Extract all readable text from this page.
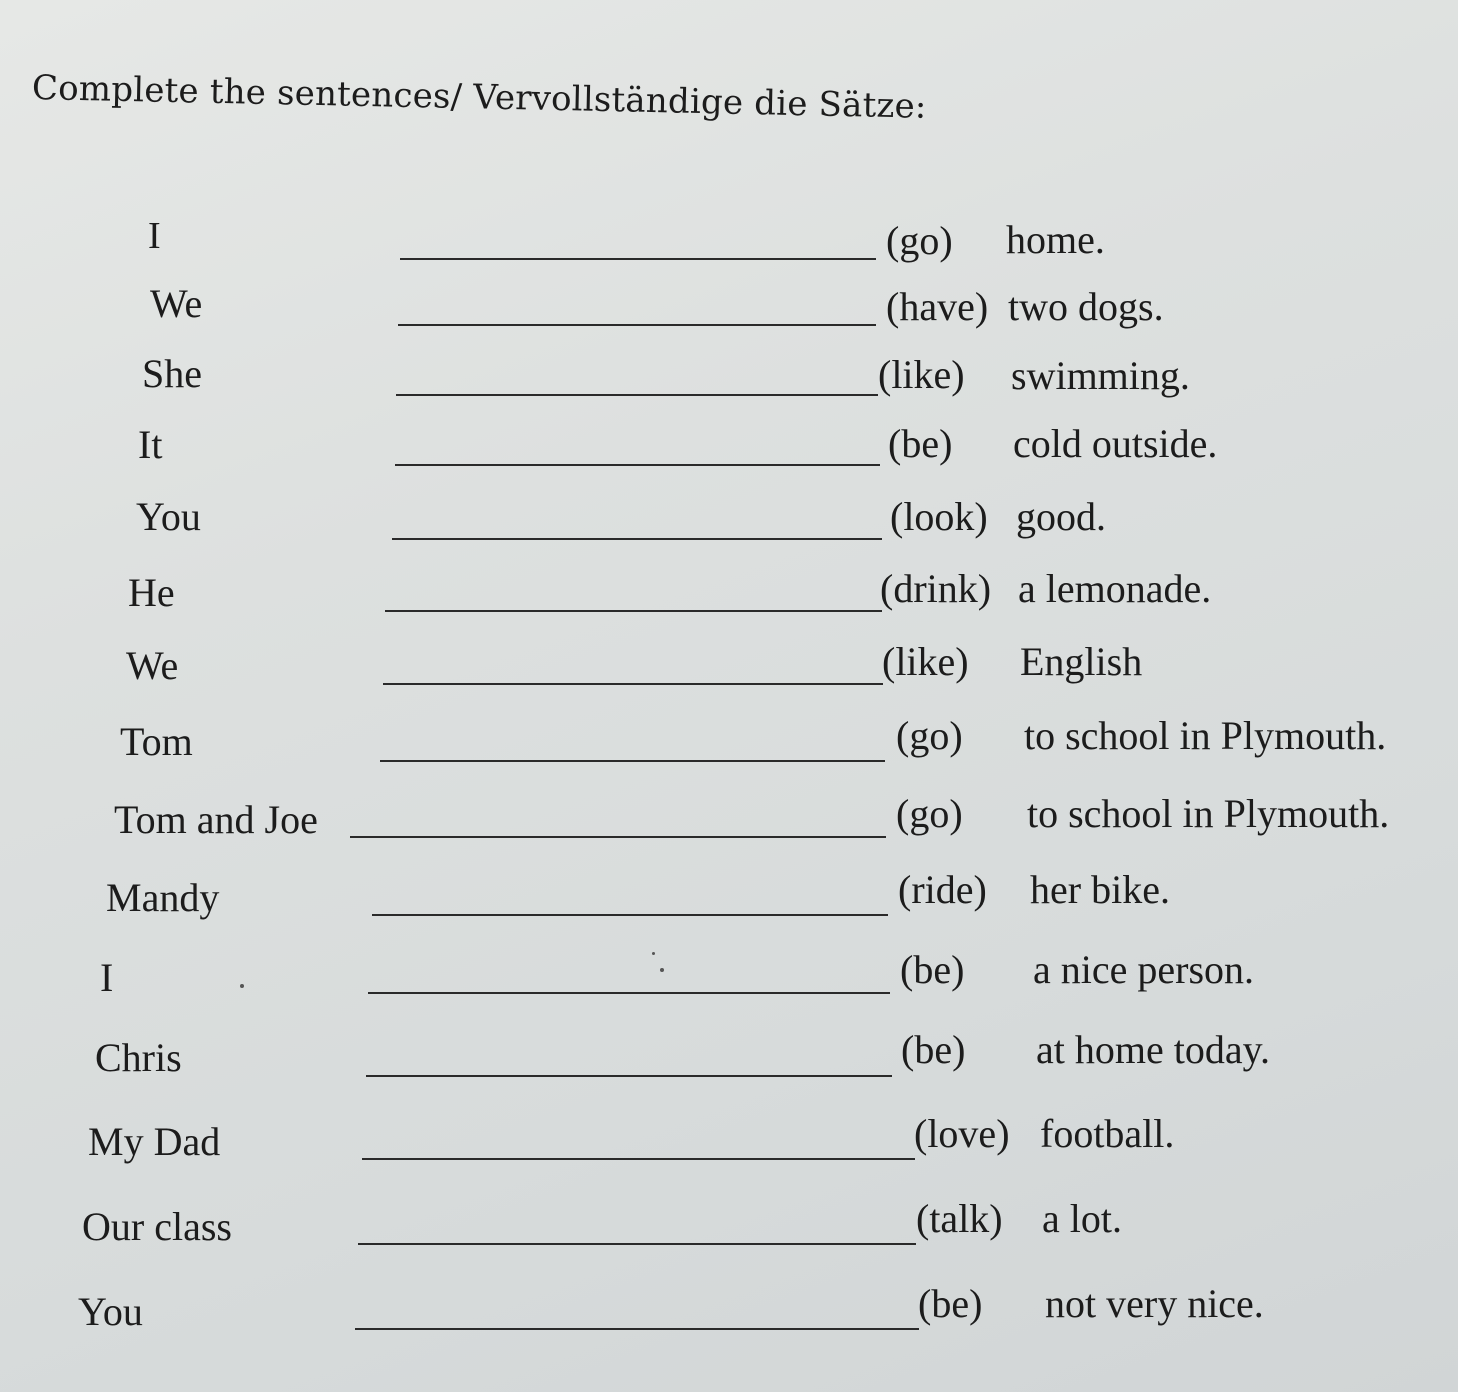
Complete the sentences/ Vervollständige die Sätze:
I	(go) home.
We	(have) two dogs.
She	(like) swimming.
It	(be) cold outside.
You	(look) good.
He	(drink) a lemonade.
We	(like) English
Tom	(go) to school in Plymouth.
Tom and Joe	(go) to school in Plymouth.
Mandy	(ride) her bike.
I	(be) a nice person.
Chris	(be) at home today.
My Dad	(love) football.
Our class	(talk) a lot.
You	(be) not very nice.
